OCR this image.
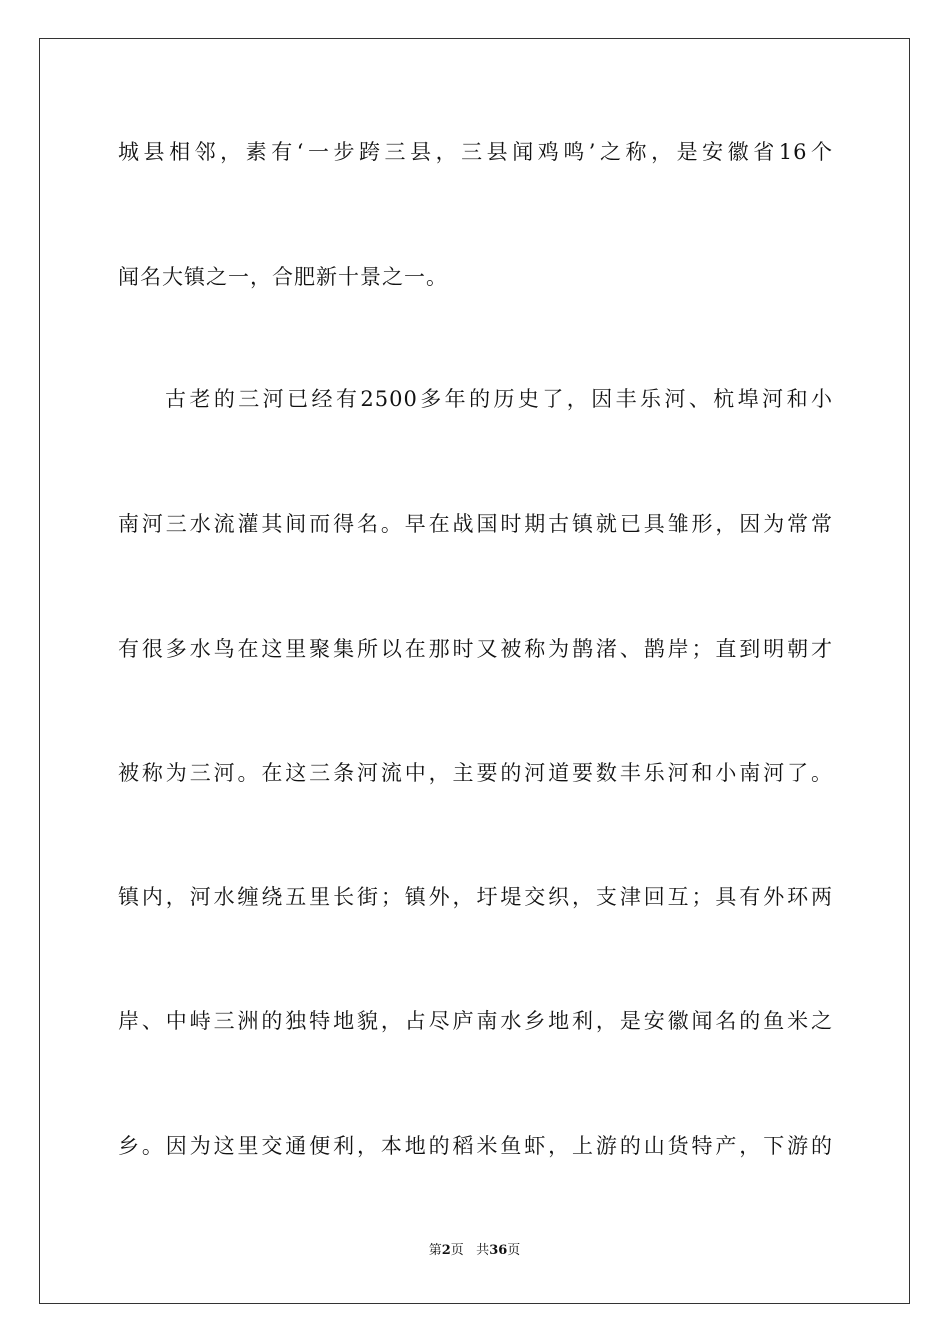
城县相邻，素有‘一步跨三县，三县闻鸡鸣’之称，是安徽省16个
闻名大镇之一，合肥新十景之一。
古老的三河已经有2500多年的历史了，因丰乐河、杭埠河和小
南河三水流灌其间而得名。早在战国时期古镇就已具雏形，因为常常
有很多水鸟在这里聚集所以在那时又被称为鹊渚、鹊岸；直到明朝才
被称为三河。在这三条河流中，主要的河道要数丰乐河和小南河了。
镇内，河水缠绕五里长街；镇外，圩堤交织，支津回互；具有外环两
岸、中峙三洲的独特地貌，占尽庐南水乡地利，是安徽闻名的鱼米之
乡。因为这里交通便利，本地的稻米鱼虾，上游的山货特产，下游的
第2页 共36页
